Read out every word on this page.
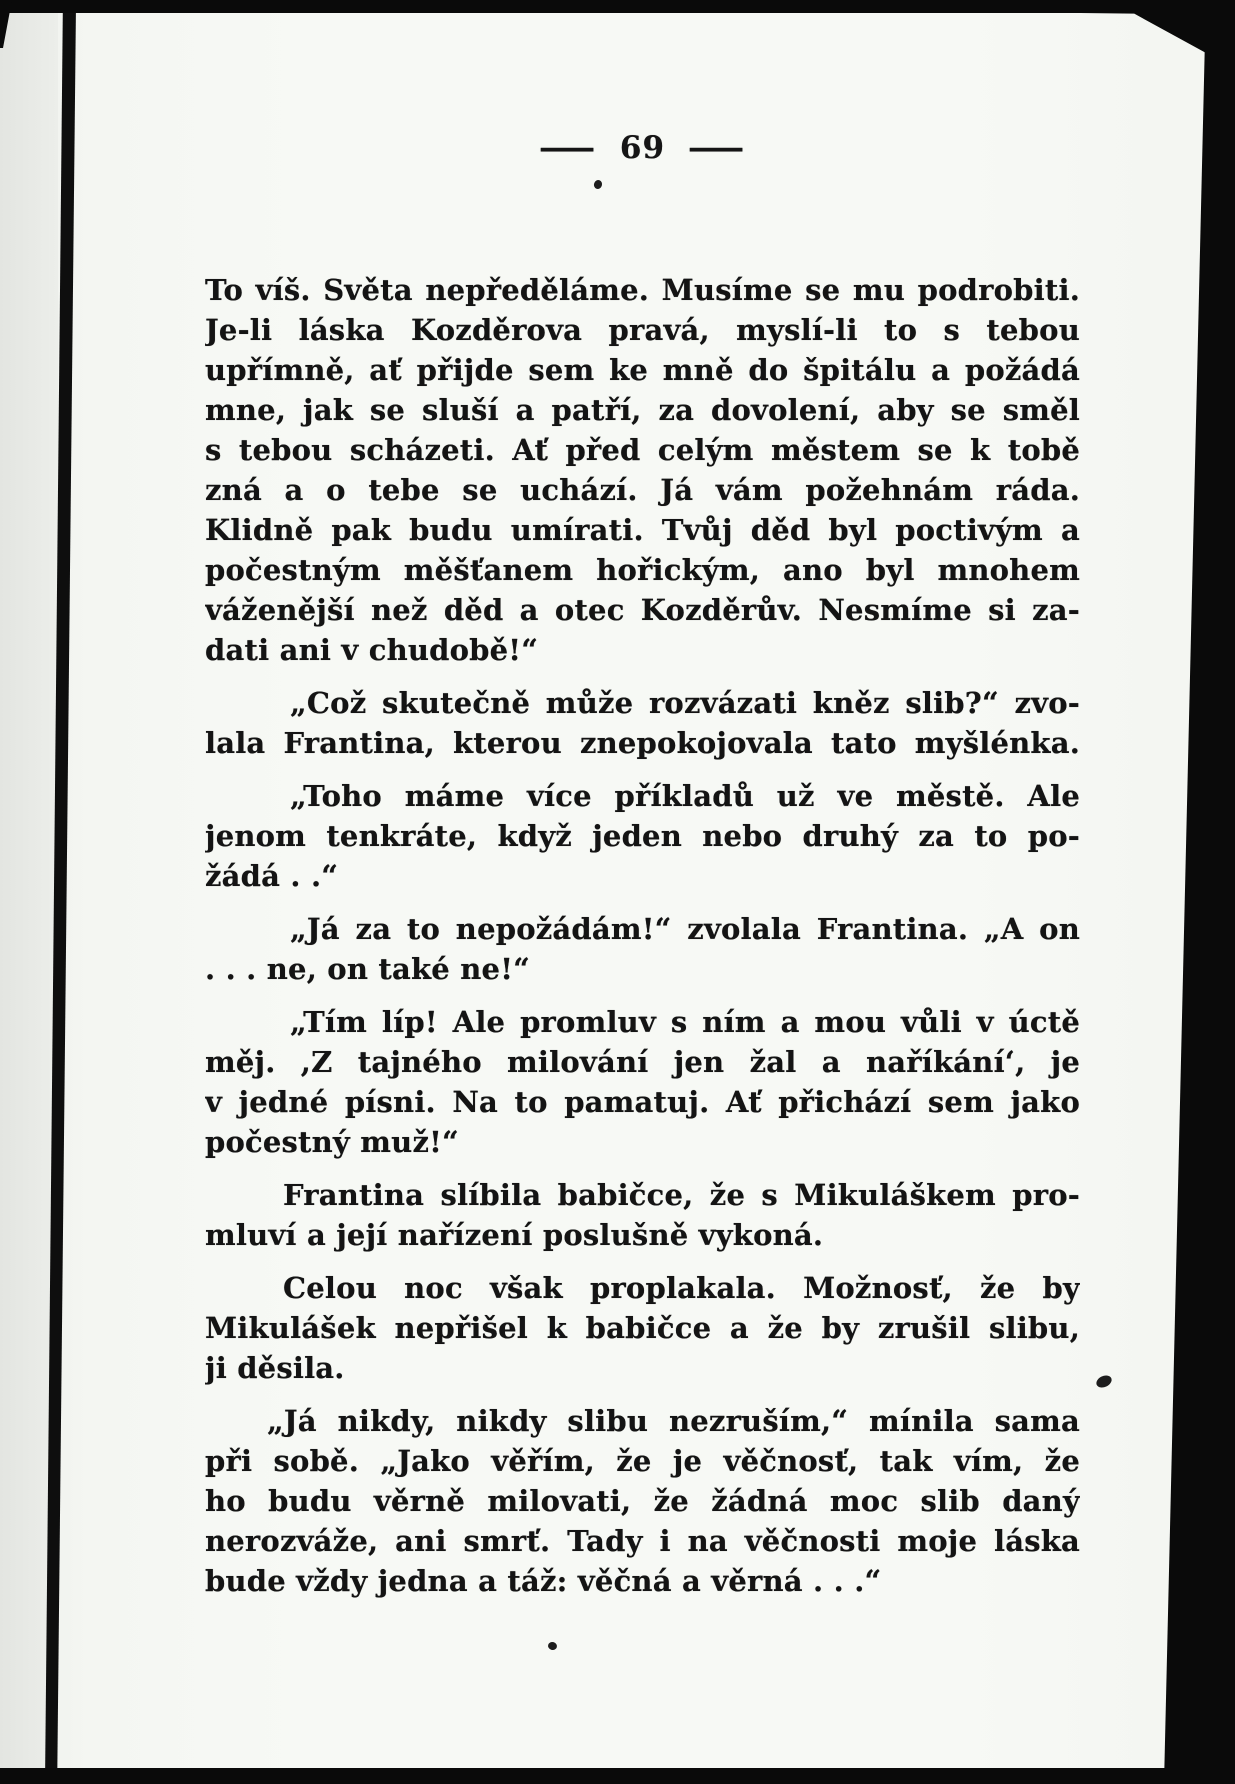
— 69 —
To víš. Světa nepředěláme. Musíme se mu podrobiti.
Je-li láska Kozděrova pravá, myslí-li to s tebou
upřímně, ať přijde sem ke mně do špitálu a požádá
mne, jak se sluší a patří, za dovolení, aby se směl
s tebou scházeti. Ať před celým městem se k tobě
zná a o tebe se uchází. Já vám požehnám ráda.
Klidně pak budu umírati. Tvůj děd byl poctivým a
počestným měšťanem hořickým, ano byl mnohem
váženější než děd a otec Kozděrův. Nesmíme si za-
dati ani v chudobě!“
„Což skutečně může rozvázati kněz slib?“ zvo-
lala Frantina, kterou znepokojovala tato myšlénka.
„Toho máme více příkladů už ve městě. Ale
jenom tenkráte, když jeden nebo druhý za to po-
žádá . .“
„Já za to nepožádám!“ zvolala Frantina. „A on
. . . ne, on také ne!“
„Tím líp! Ale promluv s ním a mou vůli v úctě
měj. ,Z tajného milování jen žal a naříkání‘, je
v jedné písni. Na to pamatuj. Ať přichází sem jako
počestný muž!“
Frantina slíbila babičce, že s Mikuláškem pro-
mluví a její nařízení poslušně vykoná.
Celou noc však proplakala. Možnosť, že by
Mikulášek nepřišel k babičce a že by zrušil slibu,
ji děsila.
„Já nikdy, nikdy slibu nezruším,“ mínila sama
při sobě. „Jako věřím, že je věčnosť, tak vím, že
ho budu věrně milovati, že žádná moc slib daný
nerozváže, ani smrť. Tady i na věčnosti moje láska
bude vždy jedna a táž: věčná a věrná . . .“
